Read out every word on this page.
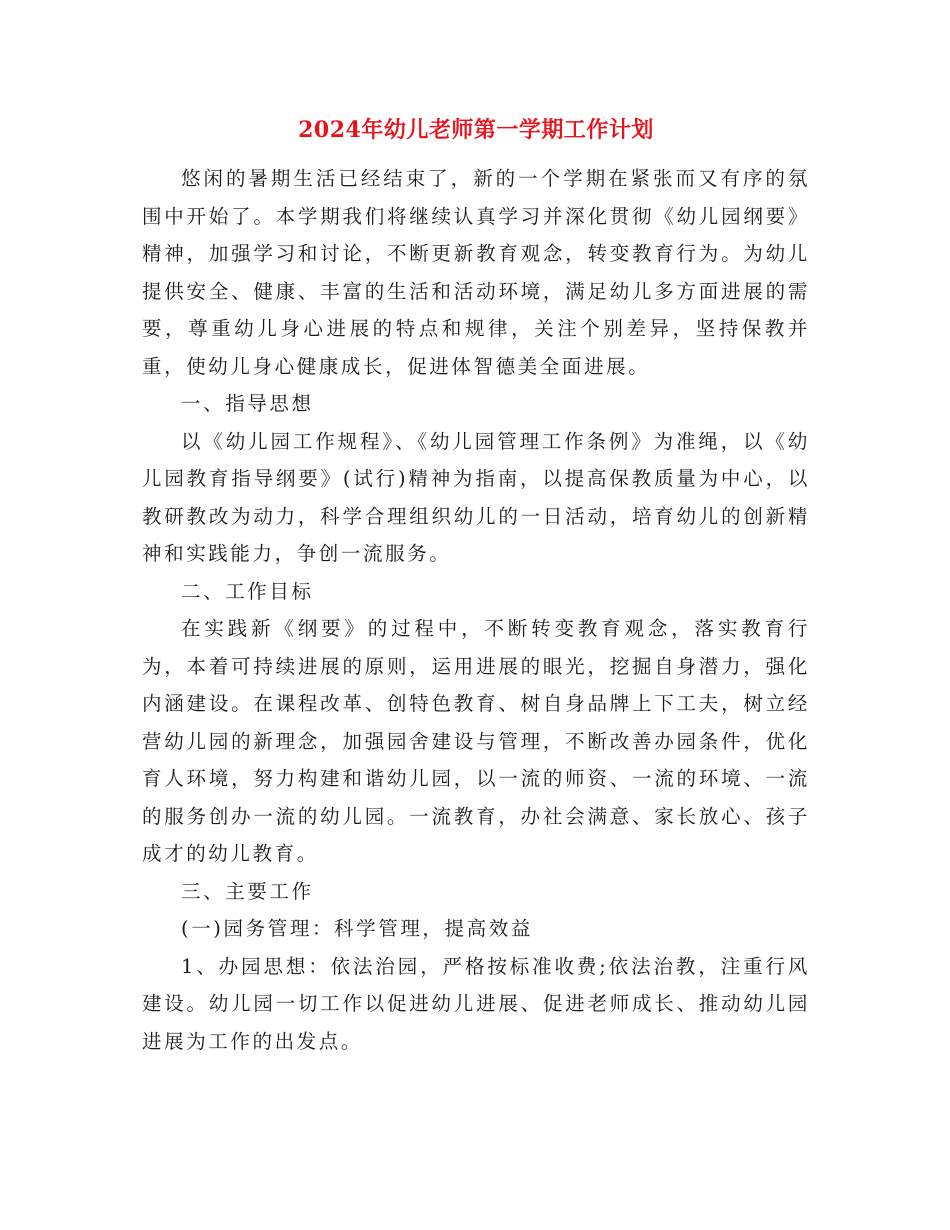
2024年幼儿老师第一学期工作计划

悠闲的暑期生活已经结束了，新的一个学期在紧张而又有序的氛围中开始了。本学期我们将继续认真学习并深化贯彻《幼儿园纲要》精神，加强学习和讨论，不断更新教育观念，转变教育行为。为幼儿提供安全、健康、丰富的生活和活动环境，满足幼儿多方面进展的需要，尊重幼儿身心进展的特点和规律，关注个别差异，坚持保教并重，使幼儿身心健康成长，促进体智德美全面进展。

一、指导思想

以《幼儿园工作规程》、《幼儿园管理工作条例》为准绳，以《幼儿园教育指导纲要》(试行)精神为指南，以提高保教质量为中心，以教研教改为动力，科学合理组织幼儿的一日活动，培育幼儿的创新精神和实践能力，争创一流服务。

二、工作目标

在实践新《纲要》的过程中，不断转变教育观念，落实教育行为，本着可持续进展的原则，运用进展的眼光，挖掘自身潜力，强化内涵建设。在课程改革、创特色教育、树自身品牌上下工夫，树立经营幼儿园的新理念，加强园舍建设与管理，不断改善办园条件，优化育人环境，努力构建和谐幼儿园，以一流的师资、一流的环境、一流的服务创办一流的幼儿园。一流教育，办社会满意、家长放心、孩子成才的幼儿教育。

三、主要工作

(一)园务管理：科学管理，提高效益

1、办园思想：依法治园，严格按标准收费;依法治教，注重行风建设。幼儿园一切工作以促进幼儿进展、促进老师成长、推动幼儿园进展为工作的出发点。
